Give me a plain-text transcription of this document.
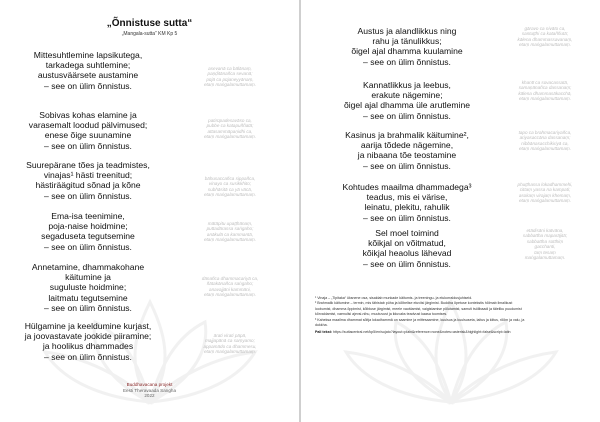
„Õnnistuse sutta“
„Mangala-sutta“ KM Kp 5
Mittesuhtlemine lapsikutega,
tarkadega suhtlemine;
austusväärsete austamine
– see on ülim õnnistus.
asevanā ca bālānaṃ,
paṇḍitānañca sevanā;
pūjā ca pūjaneyyānaṃ,
etaṃ maṅgalamuttamaṃ.
Sobivas kohas elamine ja
varasemalt loodud pälvimused;
enese õige suunamine
– see on ülim õnnistus.
patirūpadesavāso ca,
pubbe ca katapuññatā;
attasammāpaṇidhi ca,
etaṃ maṅgalamuttamaṃ.
Suurepärane tões ja teadmistes,
vinajas¹ hästi treenitud;
hästiräägitud sõnad ja kõne
– see on ülim õnnistus.
bāhusaccañca sippañca,
vinayo ca susikkhito;
subhāsitā ca yā vācā,
etaṃ maṅgalamuttamaṃ.
Ema-isa teenimine,
poja-naise hoidmine;
segaduseta tegutsemine
– see on ülim õnnistus.
mātāpitu upaṭṭhānaṃ,
puttadārassa saṅgaho;
anākulā ca kammantā,
etaṃ maṅgalamuttamaṃ.
Annetamine, dhammakohane
käitumine ja
suguluste hoidmine;
laitmatu tegutsemine
– see on ülim õnnistus.
dānañca dhammacariyā ca,
ñātakānañca saṅgaho;
anavajjāni kammāni,
etaṃ maṅgalamuttamaṃ.
Hülgamine ja keeldumine kurjast,
ja joovastavate jookide piiramine;
ja hoolikus dhammades
– see on ülim õnnistus.
ārati virati pāpā,
majjapānā ca saṃyamo;
appamādo ca dhammesu,
etaṃ maṅgalamuttamaṃ.
Buddhavacana projekt
Eesti Theravaada Sangha
2022
Austus ja alandlikkus ning
rahu ja tänulikkus;
õigel ajal dhamma kuulamine
– see on ülim õnnistus.
gāravo ca nivāto ca,
santuṭṭhi ca kataññutā;
kālena dhammassavanaṃ,
etaṃ maṅgalamuttamaṃ.
Kannatlikkus ja leebus,
erakute nägemine;
õigel ajal dhamma üle arutlemine
– see on ülim õnnistus.
khantī ca sovacassatā,
samaṇānañca dassanaṃ;
kālena dhammasākacchā,
etaṃ maṅgalamuttamaṃ.
Kasinus ja brahmalik käitumine²,
aarija tõdede nägemine,
ja nibaana tõe teostamine
– see on ülim õnnistus.
tapo ca brahmacariyañca,
ariyasaccāna dassanaṃ;
nibbānasacchikiriyā ca,
etaṃ maṅgalamuttamaṃ.
Kohtudes maailma dhammadega³
teadus, mis ei värise,
leinatu, plekitu, rahulik
– see on ülim õnnistus.
phuṭṭhassa lokadhammehi,
cittaṃ yassa na kampati;
asokaṃ virajaṃ khemaṃ,
etaṃ maṅgalamuttamaṃ.
Sel moel toimind
kõikjal on võitmatud,
kõikjal heaolus lähevad
– see on ülim õnnistus.
etādisāni katvāna,
sabbattha maparājitā;
sabbattha sotthiṃ
gacchanti,
taṃ tesaṃ
maṅgalamuttamaṃ.

¹ Vinaja – „Tipitaka“ üksnene osa, sisaldab munkade käitumis- ja treeningu- ja elukorraldusjuhiseid.

² Brahmalik käitumine – termin, mis tähistab püha ja kõlbelise eluviisi järgimist. Buddha õpetuse kontekstis hõlmab ilmalikust

loobumist, dhamma õppimist, kõlbluse järgimist, meele vaoštamist, vaigistamise põlutamist, samuti tsölibaadi ja täieliku puudumist

kõrvaldamist, vaenulisi ajevsi-nihu, muutuvust ja iiduvaks teadvust kaasa toomises.

³ Kaheksa maailma dhammat sõitja lokadhammā on saamine ja mittesaamine, kuulsus ja kuulsuseta, laitus ja kiitus, rõõm ja valu, ja

dukkha.

Pali tekst: https://suttacentral.net/kp5/en/sujato?layout=plain&reference=none&notes=asterisk&highlight=false&script=latin
